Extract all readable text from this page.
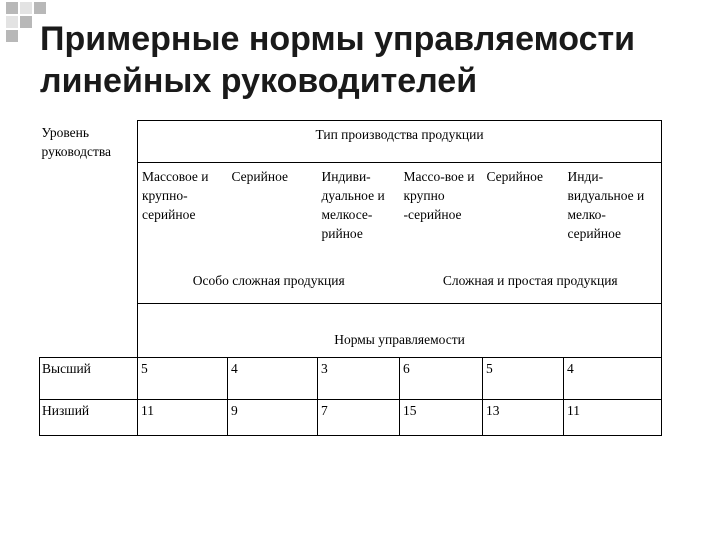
Примерные нормы управляемости
линейных руководителей
Уровень руководства	Тип производства продукции					
	Массовое и крупно-серийное	Серийное	Индиви-дуальное и мелкосе-рийное	Массо-вое и крупно -серийное	Серийное	Инди-видуальное и мелко-серийное
	Особо сложная продукция			Сложная и простая продукция		
	Нормы управляемости					
Высший	5	4	3	6	5	4
Низший	11	9	7	15	13	11
